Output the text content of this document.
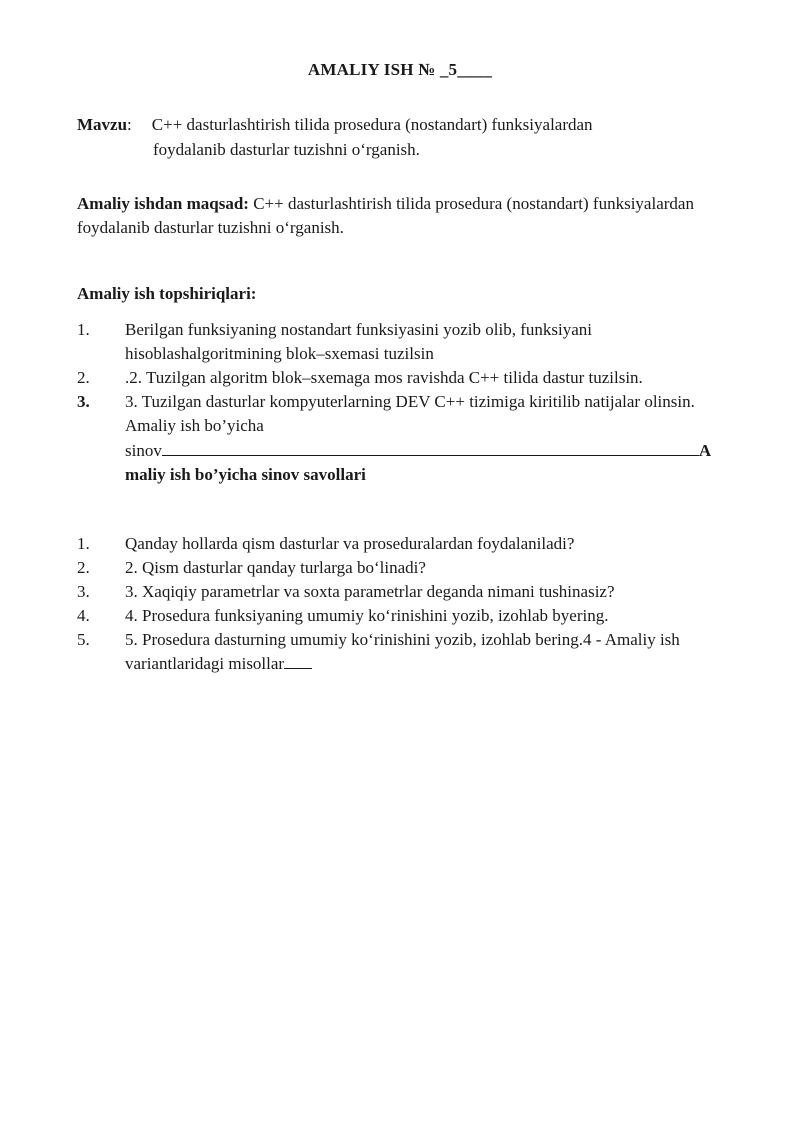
AMALIY ISH № _5____
Mavzu: C++ dasturlashtirish tilida prosedura (nostandart) funksiyalardan
foydalanib dasturlar tuzishni o‘rganish.
Amaliy ishdan maqsad: C++ dasturlashtirish tilida prosedura (nostandart) funksiyalardan foydalanib dasturlar tuzishni o‘rganish.
Amaliy ish topshiriqlari:
1. Berilgan funksiyaning nostandart funksiyasini yozib olib, funksiyani hisoblashalgoritmining blok–sxemasi tuzilsin
2. .2. Tuzilgan algoritm blok–sxemaga mos ravishda C++ tilida dastur tuzilsin.
3. 3. Tuzilgan dasturlar kompyuterlarning DEV C++ tizimiga kiritilib natijalar olinsin. Amaliy ish bo’yicha
sinov	A
maliy ish bo’yicha sinov savollari
1. Qanday hollarda qism dasturlar va proseduralardan foydalaniladi?
2. 2. Qism dasturlar qanday turlarga bo‘linadi?
3. 3. Xaqiqiy parametrlar va soxta parametrlar deganda nimani tushinasiz?
4. 4. Prosedura funksiyaning umumiy ko‘rinishini yozib, izohlab byering.
5. 5. Prosedura dasturning umumiy ko‘rinishini yozib, izohlab bering.4 - Amaliy ish variantlaridagi misollar
